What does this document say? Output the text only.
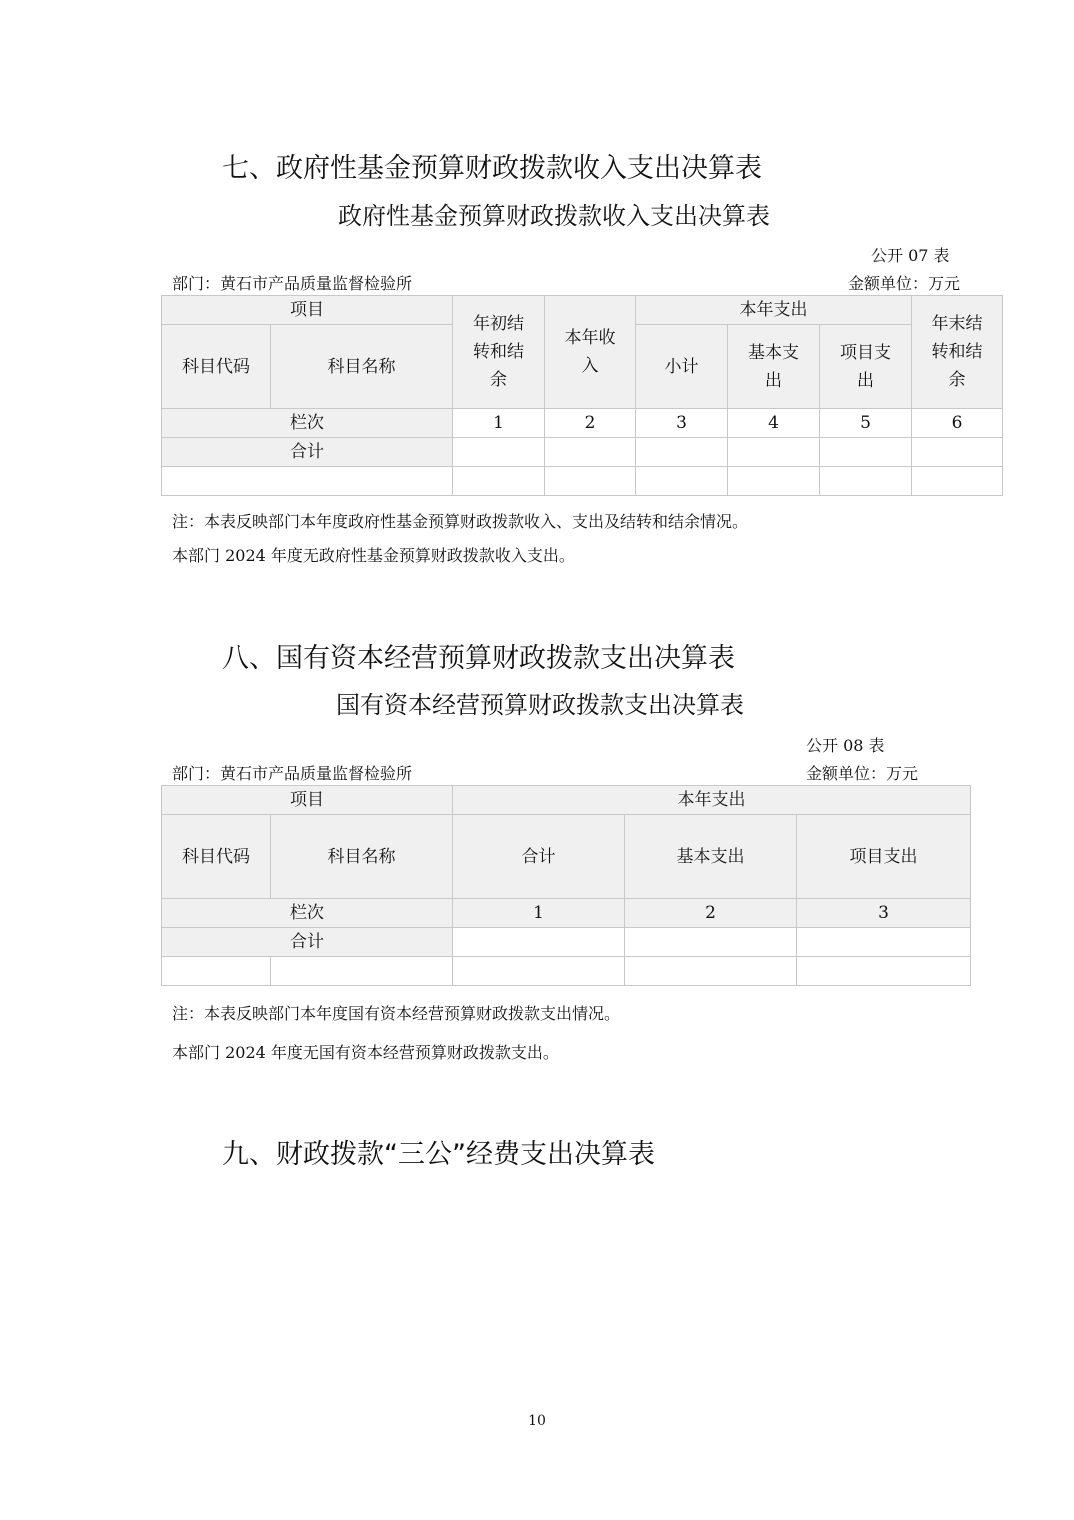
七、政府性基金预算财政拨款收入支出决算表
政府性基金预算财政拨款收入支出决算表
公开 07 表
部门：黄石市产品质量监督检验所	金额单位：万元
项目		年初结转和结余	本年收入	本年支出			年末结转和结余

科目代码	科目名称			小计	基本支出	项目支出	

栏次		1	2	3	4	5	6
合计							

注：本表反映部门本年度政府性基金预算财政拨款收入、支出及结转和结余情况。
本部门 2024 年度无政府性基金预算财政拨款收入支出。
八、国有资本经营预算财政拨款支出决算表
国有资本经营预算财政拨款支出决算表
公开 08 表
部门：黄石市产品质量监督检验所	金额单位：万元
项目		本年支出		
科目代码	科目名称	合计	基本支出	项目支出
栏次		1	2	3
合计				

注：本表反映部门本年度国有资本经营预算财政拨款支出情况。
本部门 2024 年度无国有资本经营预算财政拨款支出。
九、财政拨款“三公”经费支出决算表
10
